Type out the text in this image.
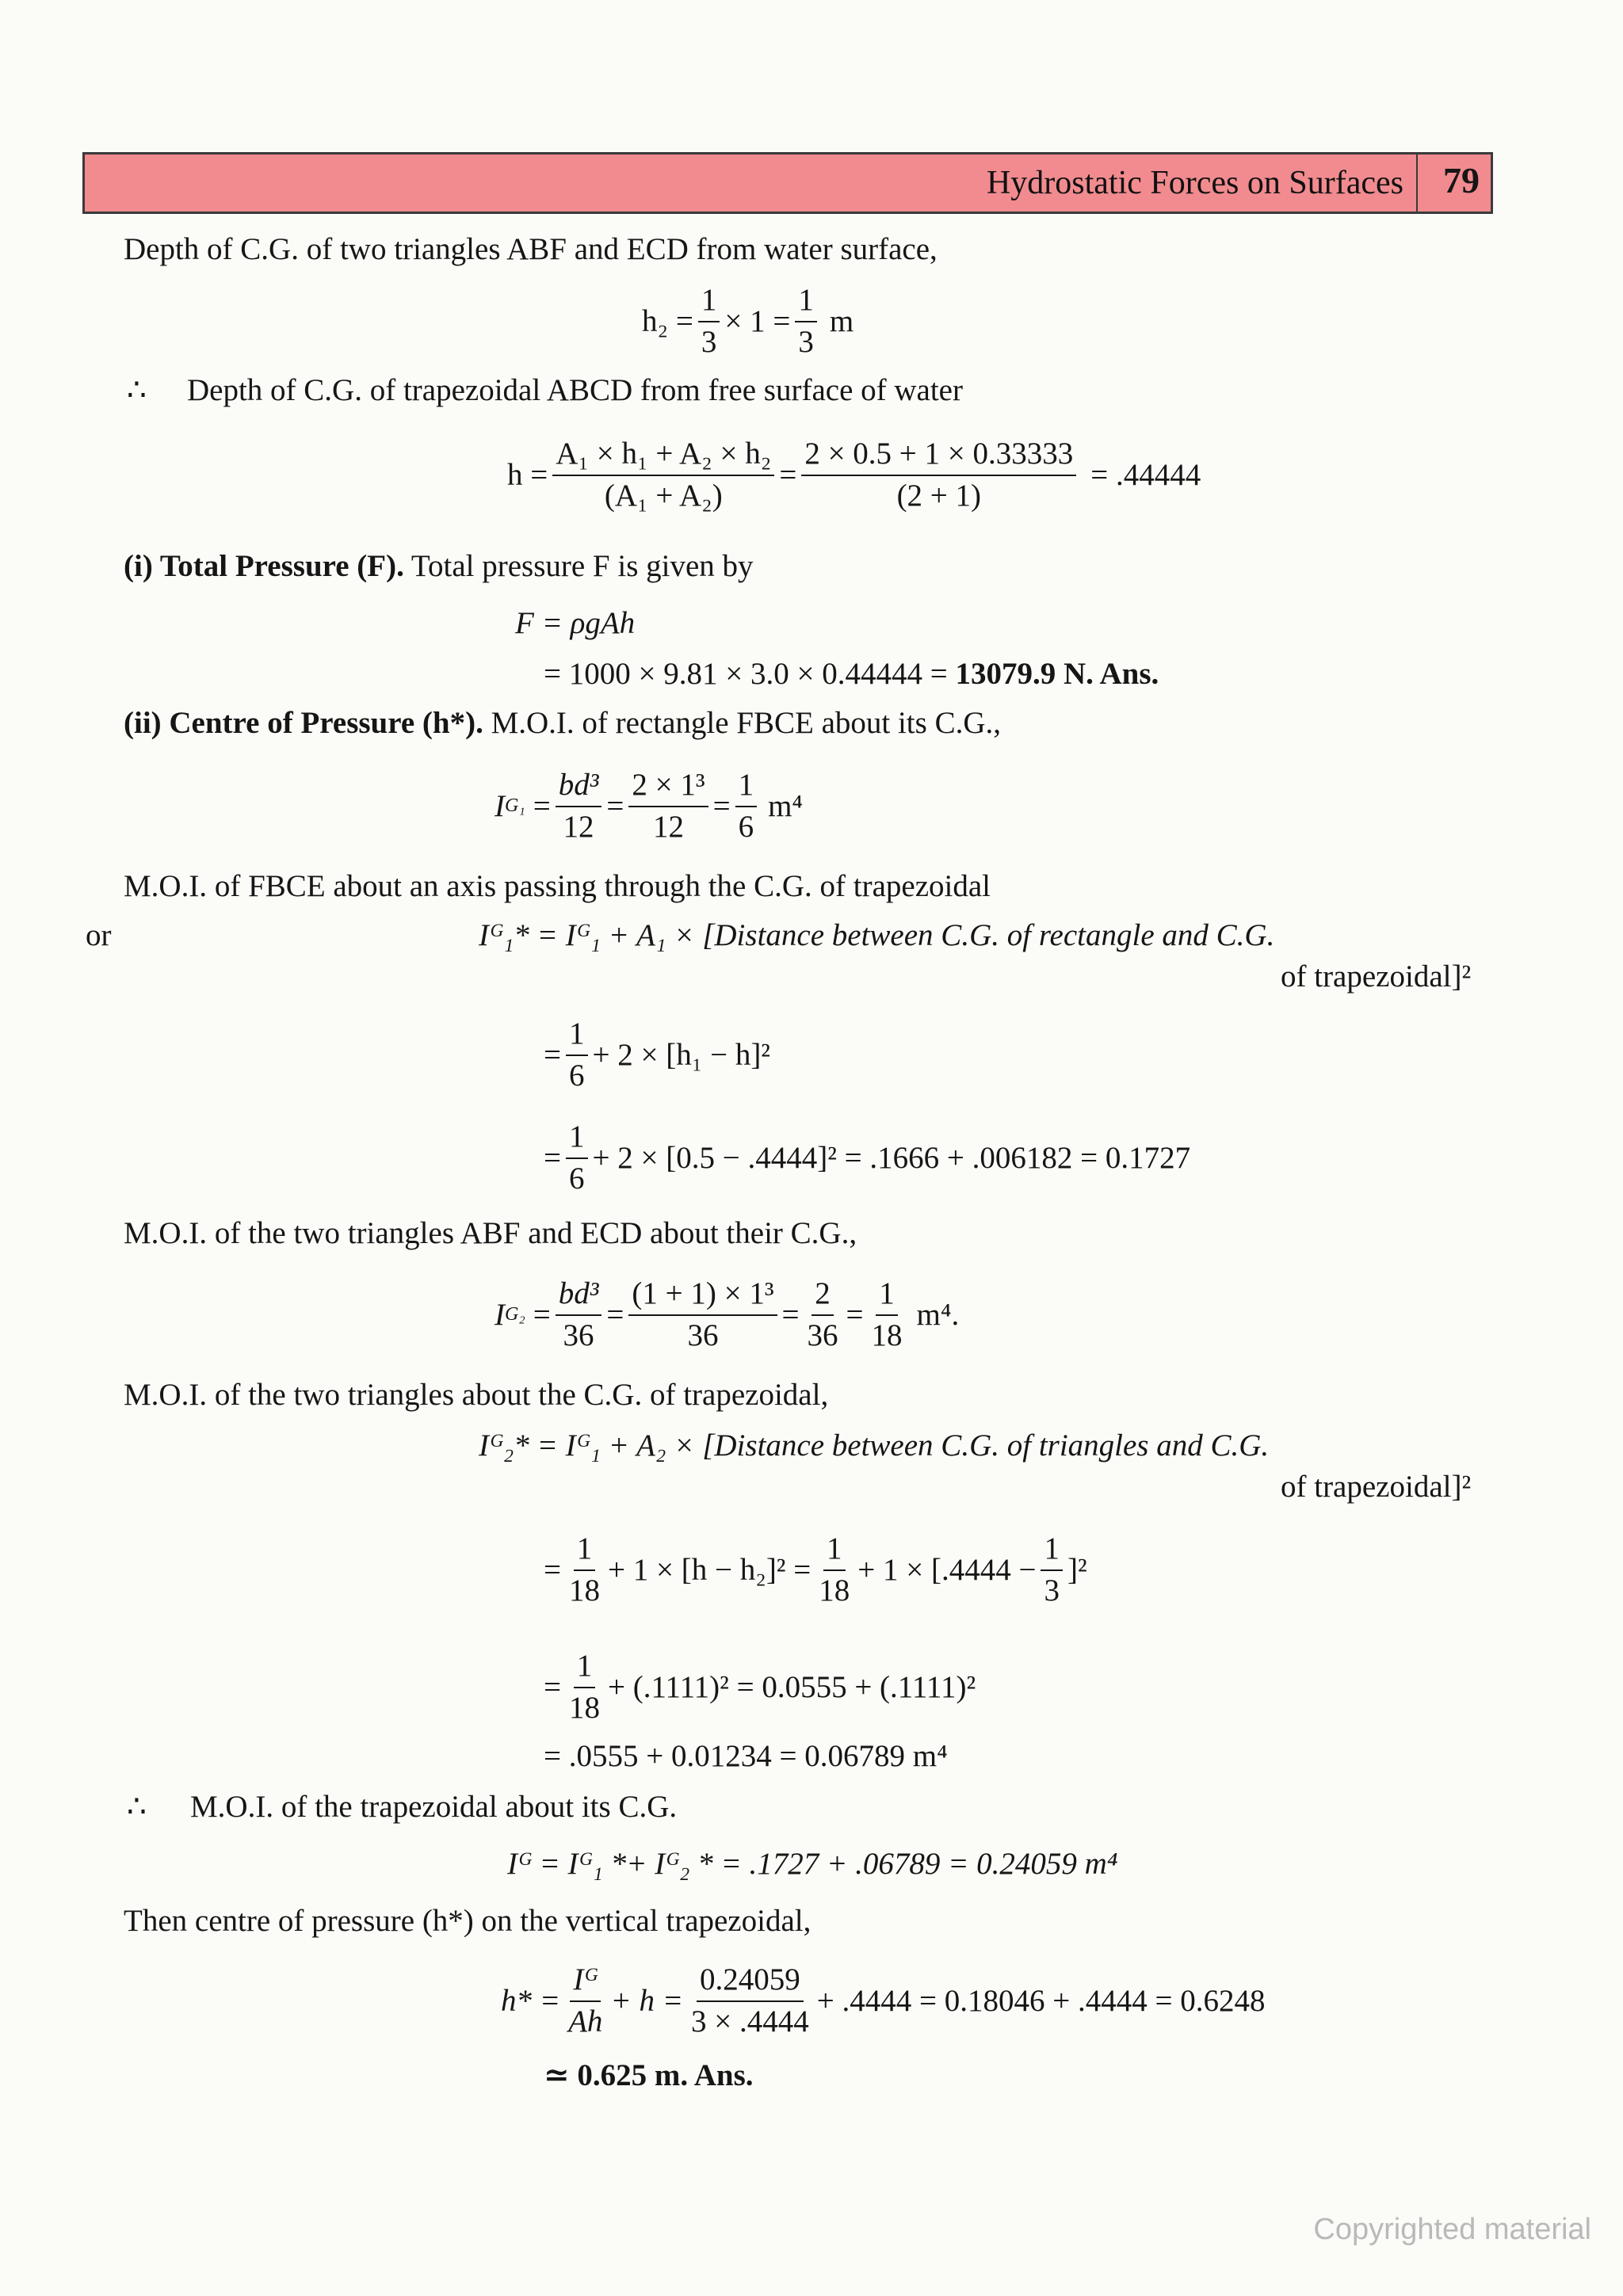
Hydrostatic Forces on Surfaces 79
Depth of C.G. of two triangles ABF and ECD from water surface,
$h_2 = \frac{1}{3} \times 1 = \frac{1}{3}$ m
∴ Depth of C.G. of trapezoidal ABCD from free surface of water
$h = \frac{\text{A₁ × h₁ + A₂ × h₂}}{\text{(A₁ + A₂)}} = \frac{2 \times 0.5 + 1 \times 0.33333}{(2 + 1)} = .44444$
(i) Total Pressure (F). Total pressure F is given by
F = ρgAh
= 1000 × 9.81 × 3.0 × 0.44444 = 13079.9 N. Ans.
(ii) Centre of Pressure (h*). M.O.I. of rectangle FBCE about its C.G.,
I $G_1 = \frac{\text{bd³}}{12} = \frac{\text{2 × 1³}}{12} = \frac{1}{6} m^4$
M.O.I. of FBCE about an axis passing through the C.G. of trapezoidal
or	Iᴳ₁* = Iᴳ₁ + A₁ × [Distance between C.G. of rectangle and C.G.
of trapezoidal]²
= $\frac{1}{6} + 2 \times [h_1 - h]^2$
= $\frac{1}{6} + 2 \times [0.5 - .4444]^2 = .1666 + .006182 = 0.1727$
M.O.I. of the two triangles ABF and ECD about their C.G.,
I $G_2 = \frac{\text{bd³}}{36} = \frac{\text{(1 + 1) × 1³}}{36} = \frac{2}{36} = \frac{1}{18} m^4$.
M.O.I. of the two triangles about the C.G. of trapezoidal,
Iᴳ₂* = Iᴳ₁ + A₂ × [Distance between C.G. of triangles and C.G.
of trapezoidal]²
= $\frac{1}{18} + 1 \times [h - h_2]^2 = \frac{1}{18} + 1 \times [.4444 - \frac{1}{3} ]^2$
= $\frac{1}{18} + (.1111)^2 = 0.0555 + (.1111)^2$
= .0555 + 0.01234 = 0.06789 m⁴
∴ M.O.I. of the trapezoidal about its C.G.
Iᴳ = Iᴳ₁ *+ Iᴳ₂ * = .1727 + .06789 = 0.24059 m⁴
Then centre of pressure (h*) on the vertical trapezoidal,
$h* = \frac{\text{Iᴳ}}{Ah} + h = \frac{0.24059}{3 \times .4444} + .4444 = 0.18046 + .4444 = 0.6248$
≃ 0.625 m. Ans.
Copyrighted material
